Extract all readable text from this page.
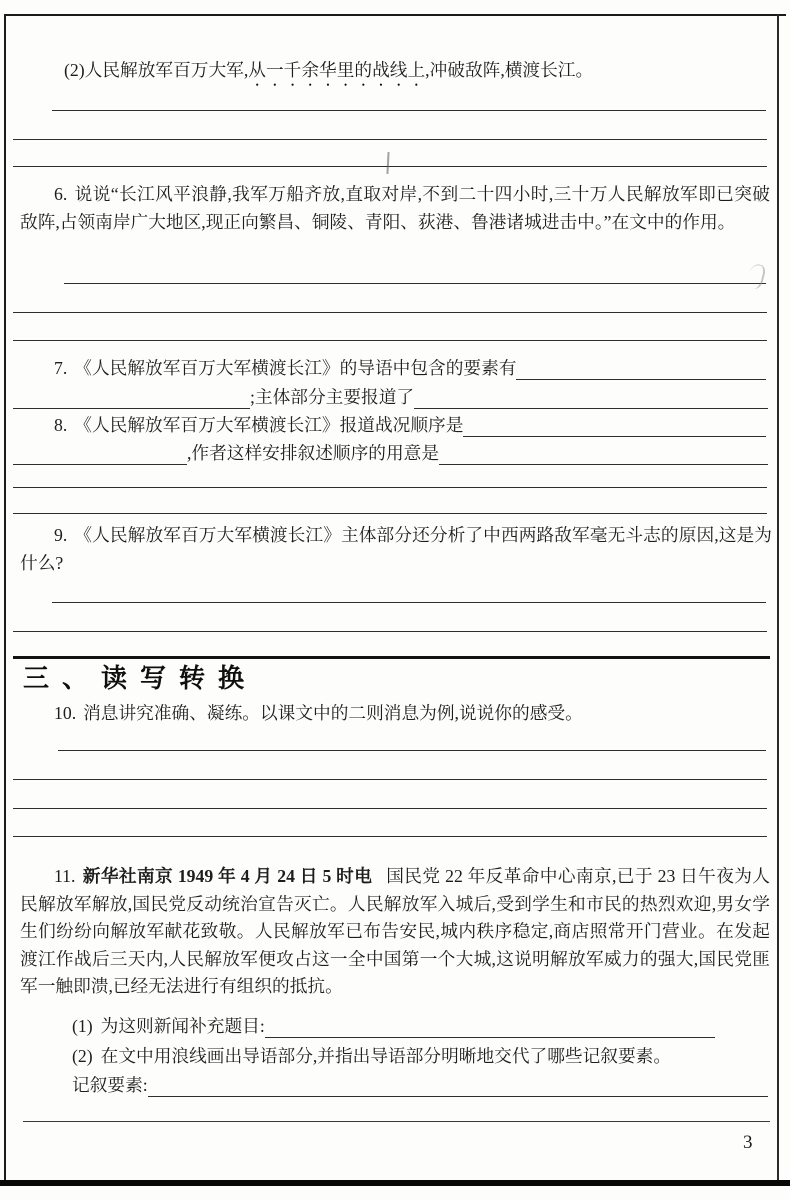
(2)人民解放军百万大军,从一千余华里的战线上,冲破敌阵,横渡长江。
6. 说说“长江风平浪静,我军万船齐放,直取对岸,不到二十四小时,三十万人民解放军即已突破敌阵,占领南岸广大地区,现正向繁昌、铜陵、青阳、荻港、鲁港诸城进击中。”在文中的作用。
7. 《人民解放军百万大军横渡长江》的导语中包含的要素有
;主体部分主要报道了
8. 《人民解放军百万大军横渡长江》报道战况顺序是
,作者这样安排叙述顺序的用意是
9. 《人民解放军百万大军横渡长江》主体部分还分析了中西两路敌军毫无斗志的原因,这是为什么?
三、读写转换
10. 消息讲究准确、凝练。以课文中的二则消息为例,说说你的感受。
11. 新华社南京 1949 年 4 月 24 日 5 时电 国民党 22 年反革命中心南京,已于 23 日午夜为人民解放军解放,国民党反动统治宣告灭亡。人民解放军入城后,受到学生和市民的热烈欢迎,男女学生们纷纷向解放军献花致敬。人民解放军已布告安民,城内秩序稳定,商店照常开门营业。在发起渡江作战后三天内,人民解放军便攻占这一全中国第一个大城,这说明解放军威力的强大,国民党匪军一触即溃,已经无法进行有组织的抵抗。
(1) 为这则新闻补充题目:
(2) 在文中用浪线画出导语部分,并指出导语部分明晰地交代了哪些记叙要素。
记叙要素:
3
